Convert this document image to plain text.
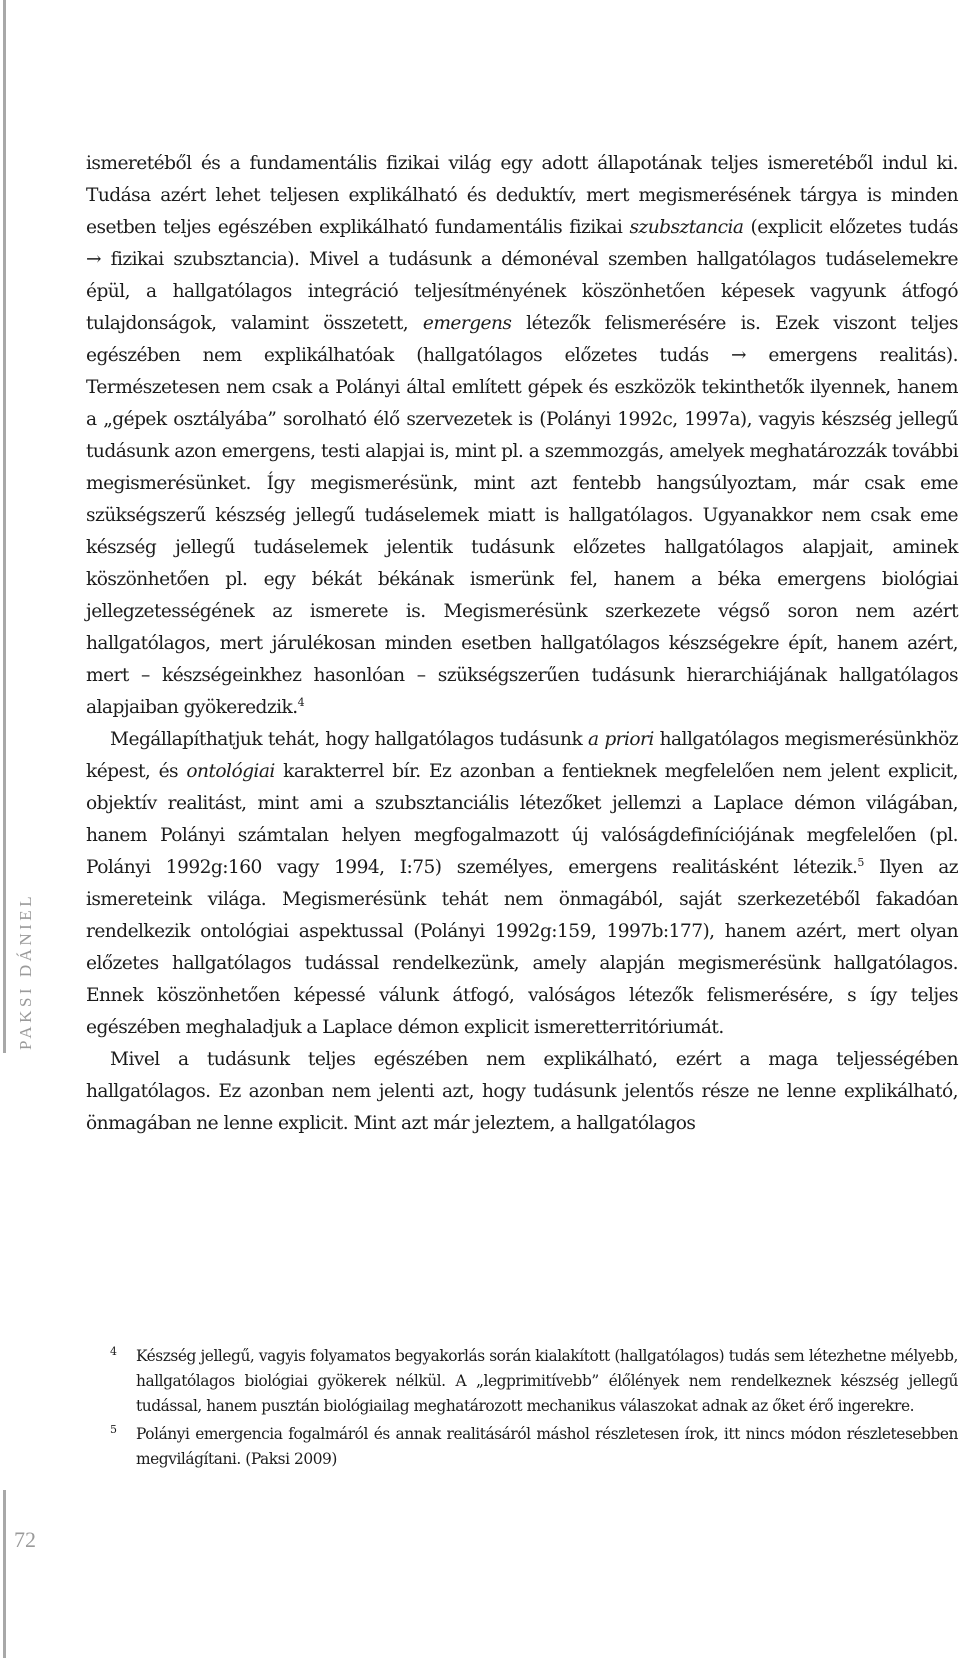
PAKSI DÁNIEL
72

ismeretéből és a fundamentális fizikai világ egy adott állapotának teljes ismeretéből indul ki. Tudása azért lehet teljesen explikálható és deduktív, mert megismerésének tárgya is minden esetben teljes egészében explikálható fundamentális fizikai szubsztancia (explicit előzetes tudás → fizikai szubsztancia). Mivel a tudásunk a démonéval szemben hallgatólagos tudáselemekre épül, a hallgatólagos integráció teljesítményének köszönhetően képesek vagyunk átfogó tulajdonságok, valamint összetett, emergens létezők felismerésére is. Ezek viszont teljes egészében nem explikálhatóak (hallgatólagos előzetes tudás → emergens realitás). Természetesen nem csak a Polányi által említett gépek és eszközök tekinthetők ilyennek, hanem a „gépek osztályába” sorolható élő szervezetek is (Polányi 1992c, 1997a), vagyis készség jellegű tudásunk azon emergens, testi alapjai is, mint pl. a szemmozgás, amelyek meghatározzák további megismerésünket. Így megismerésünk, mint azt fentebb hangsúlyoztam, már csak eme szükségszerű készség jellegű tudáselemek miatt is hallgatólagos. Ugyanakkor nem csak eme készség jellegű tudáselemek jelentik tudásunk előzetes hallgatólagos alapjait, aminek köszönhetően pl. egy békát békának ismerünk fel, hanem a béka emergens biológiai jellegzetességének az ismerete is. Megismerésünk szerkezete végső soron nem azért hallgatólagos, mert járulékosan minden esetben hallgatólagos készségekre épít, hanem azért, mert – készségeinkhez hasonlóan – szükségszerűen tudásunk hierarchiájának hallgatólagos alapjaiban gyökeredzik.$^4$

Megállapíthatjuk tehát, hogy hallgatólagos tudásunk a priori hallgatólagos megismerésünkhöz képest, és ontológiai karakterrel bír. Ez azonban a fentieknek megfelelően nem jelent explicit, objektív realitást, mint ami a szubsztanciális létezőket jellemzi a Laplace démon világában, hanem Polányi számtalan helyen megfogalmazott új valóságdefiníciójának megfelelően (pl. Polányi 1992g:160 vagy 1994, I:75) személyes, emergens realitásként létezik.$^5$ Ilyen az ismereteink világa. Megismerésünk tehát nem önmagából, saját szerkezetéből fakadóan rendelkezik ontológiai aspektussal (Polányi 1992g:159, 1997b:177), hanem azért, mert olyan előzetes hallgatólagos tudással rendelkezünk, amely alapján megismerésünk hallgatólagos. Ennek köszönhetően képessé válunk átfogó, valóságos létezők felismerésére, s így teljes egészében meghaladjuk a Laplace démon explicit ismeretterritóriumát.

Mivel a tudásunk teljes egészében nem explikálható, ezért a maga teljességében hallgatólagos. Ez azonban nem jelenti azt, hogy tudásunk jelentős része ne lenne explikálható, önmagában ne lenne explicit. Mint azt már jeleztem, a hallgatólagos

4 Készség jellegű, vagyis folyamatos begyakorlás során kialakított (hallgatólagos) tudás sem létezhetne mélyebb, hallgatólagos biológiai gyökerek nélkül. A „legprimitívebb” élőlények nem rendelkeznek készség jellegű tudással, hanem pusztán biológiailag meghatározott mechanikus válaszokat adnak az őket érő ingerekre.

5 Polányi emergencia fogalmáról és annak realitásáról máshol részletesen írok, itt nincs módon részletesebben megvilágítani. (Paksi 2009)
